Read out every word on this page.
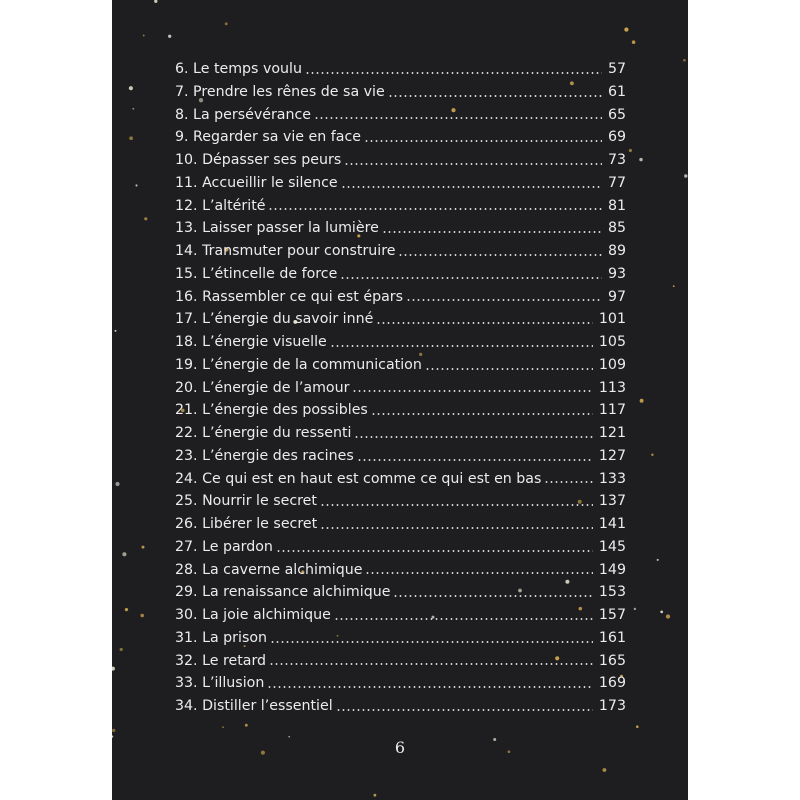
6. Le temps voulu	57
7. Prendre les rênes de sa vie	61
8. La persévérance	65
9. Regarder sa vie en face	69
10. Dépasser ses peurs	73
11. Accueillir le silence	77
12. L’altérité	81
13. Laisser passer la lumière	85
14. Transmuter pour construire	89
15. L’étincelle de force	93
16. Rassembler ce qui est épars	97
17. L’énergie du savoir inné	101
18. L’énergie visuelle	105
19. L’énergie de la communication	109
20. L’énergie de l’amour	113
21. L’énergie des possibles	117
22. L’énergie du ressenti	121
23. L’énergie des racines	127
24. Ce qui est en haut est comme ce qui est en bas	133
25. Nourrir le secret	137
26. Libérer le secret	141
27. Le pardon	145
28. La caverne alchimique	149
29. La renaissance alchimique	153
30. La joie alchimique	157
31. La prison	161
32. Le retard	165
33. L’illusion	169
34. Distiller l’essentiel	173
6
